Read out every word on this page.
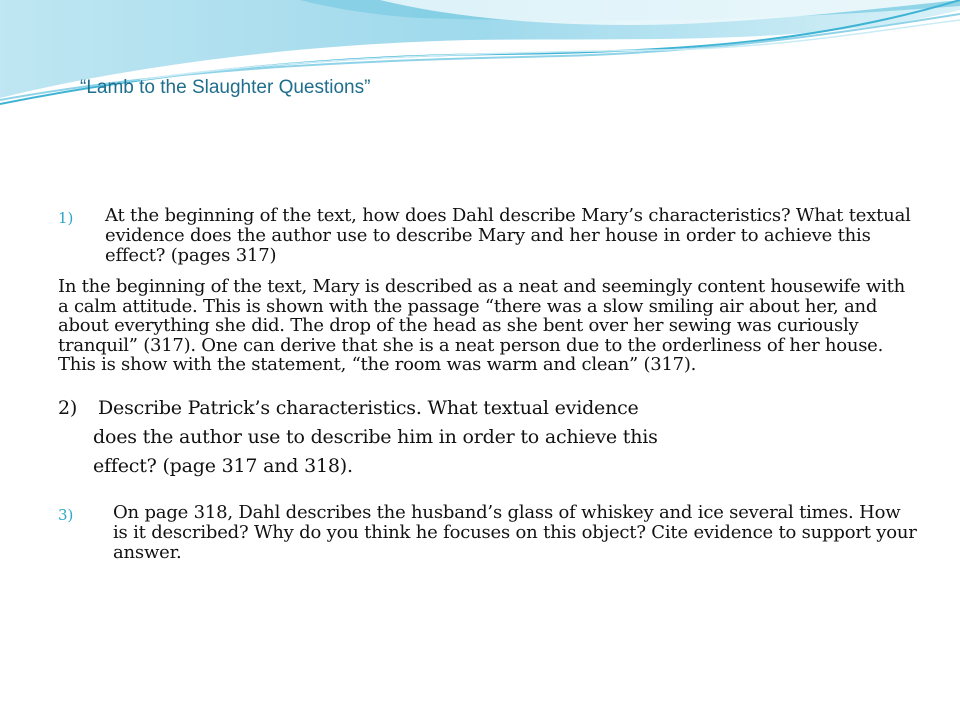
“Lamb to the Slaughter Questions”
1)	At the beginning of the text, how does Dahl describe Mary’s characteristics? What textual evidence does the author use to describe Mary and her house in order to achieve this effect? (pages 317)

In the beginning of the text, Mary is described as a neat and seemingly content housewife with a calm attitude. This is shown with the passage “there was a slow smiling air about her, and about everything she did. The drop of the head as she bent over her sewing was curiously tranquil” (317). One can derive that she is a neat person due to the orderliness of her house. This is show with the statement, “the room was warm and clean” (317).

2)	Describe Patrick’s characteristics. What textual evidence
does the author use to describe him in order to achieve this
effect? (page 317 and 318).
3)	On page 318, Dahl describes the husband’s glass of whiskey and ice several times. How is it described? Why do you think he focuses on this object? Cite evidence to support your answer.
